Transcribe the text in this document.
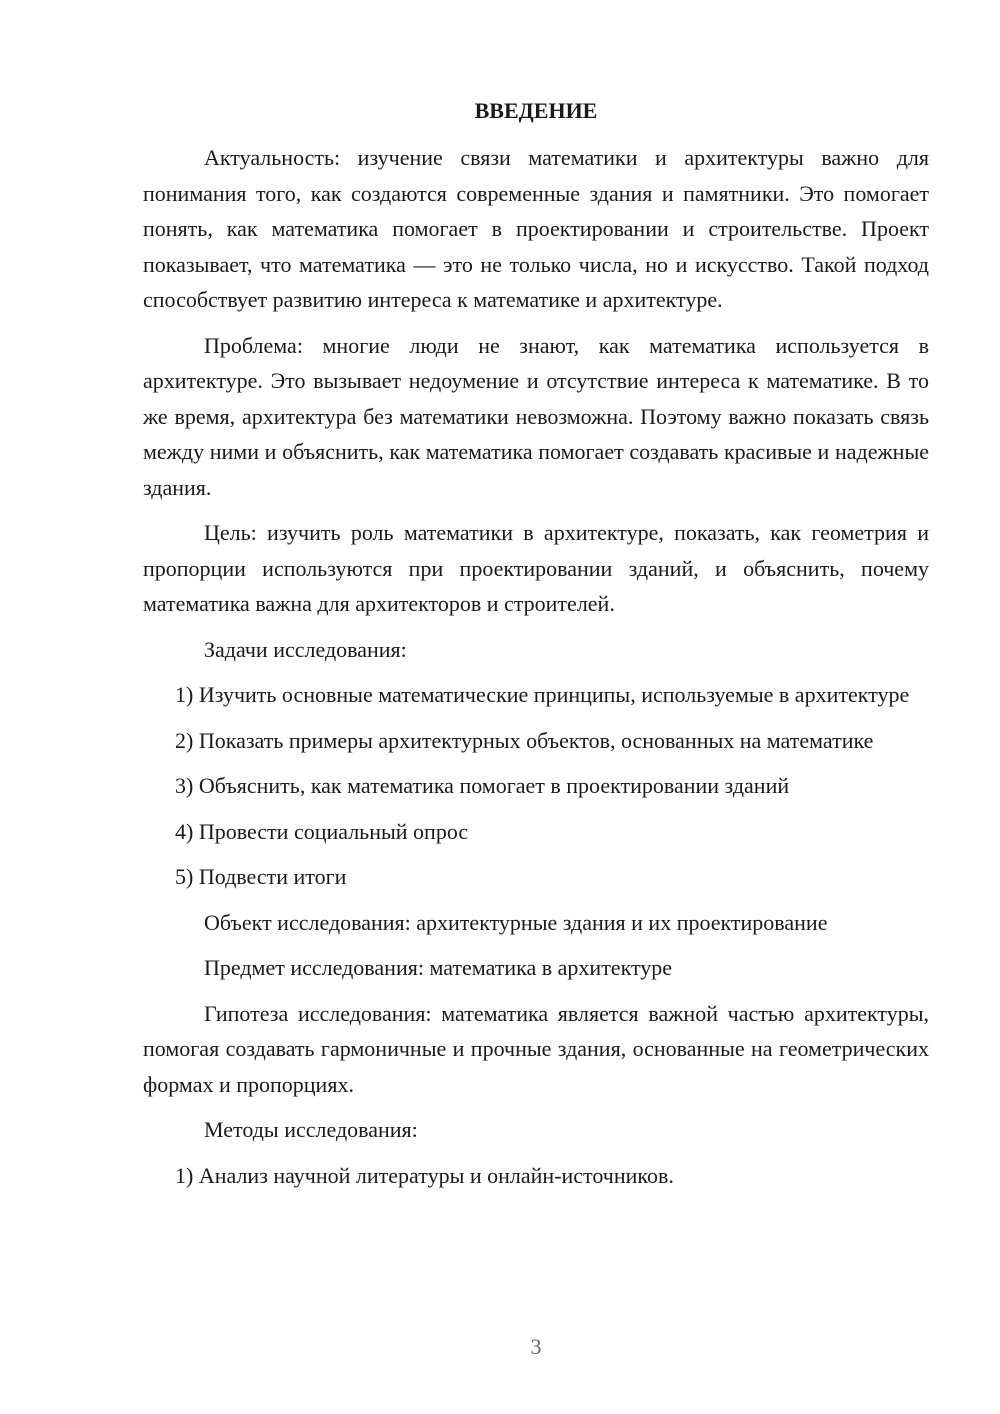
ВВЕДЕНИЕ

Актуальность: изучение связи математики и архитектуры важно для понимания того, как создаются современные здания и памятники. Это помогает понять, как математика помогает в проектировании и строительстве. Проект показывает, что математика — это не только числа, но и искусство. Такой подход способствует развитию интереса к математике и архитектуре.

Проблема: многие люди не знают, как математика используется в архитектуре. Это вызывает недоумение и отсутствие интереса к математике. В то же время, архитектура без математики невозможна. Поэтому важно показать связь между ними и объяснить, как математика помогает создавать красивые и надежные здания.

Цель: изучить роль математики в архитектуре, показать, как геометрия и пропорции используются при проектировании зданий, и объяснить, почему математика важна для архитекторов и строителей.

Задачи исследования:

1) Изучить основные математические принципы, используемые в архитектуре

2) Показать примеры архитектурных объектов, основанных на математике

3) Объяснить, как математика помогает в проектировании зданий

4) Провести социальный опрос

5) Подвести итоги

Объект исследования: архитектурные здания и их проектирование

Предмет исследования: математика в архитектуре

Гипотеза исследования: математика является важной частью архитектуры, помогая создавать гармоничные и прочные здания, основанные на геометрических формах и пропорциях.

Методы исследования:

1) Анализ научной литературы и онлайн-источников.

3
